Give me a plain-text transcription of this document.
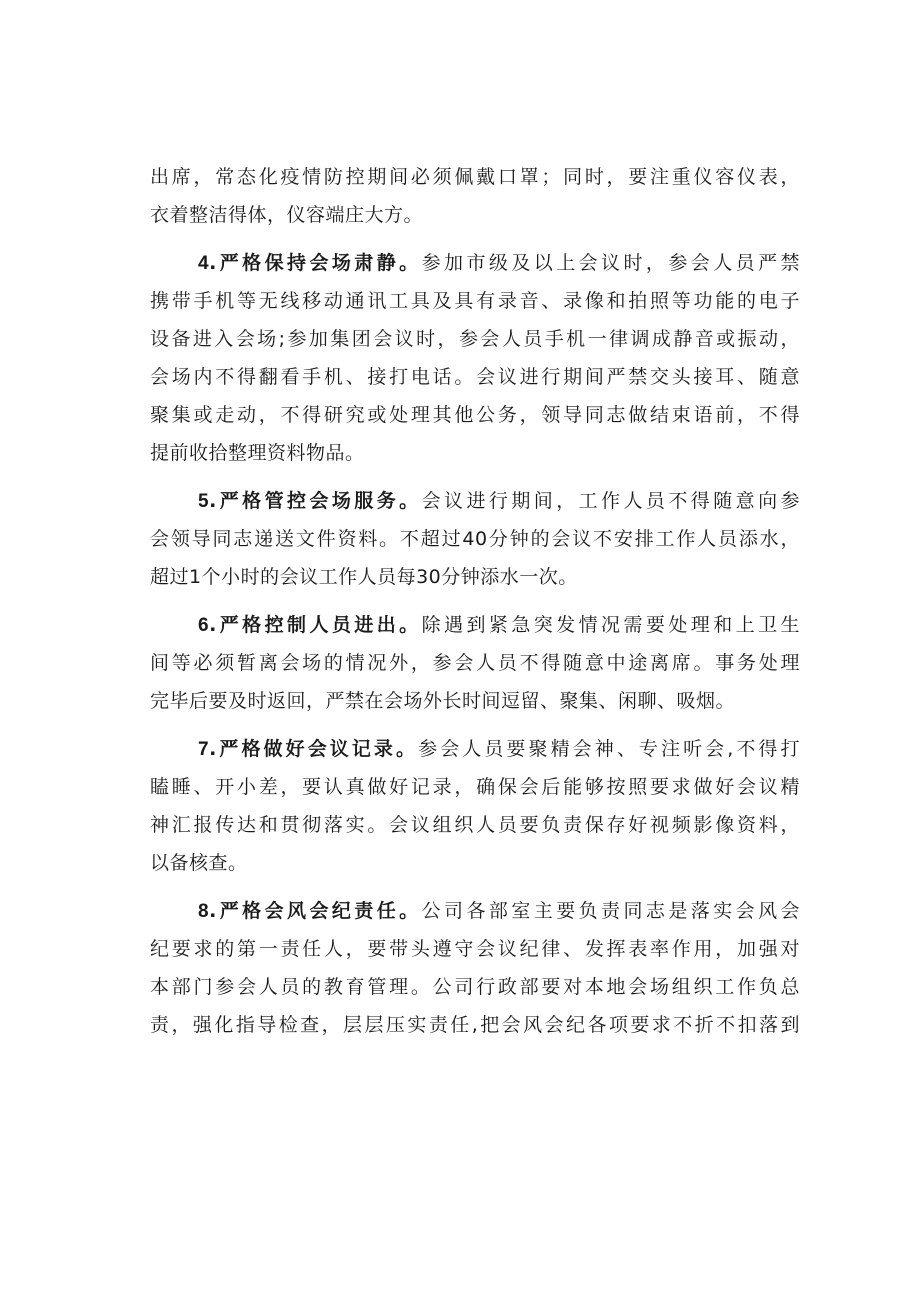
出席，常态化疫情防控期间必须佩戴口罩；同时，要注重仪容仪表，
衣着整洁得体，仪容端庄大方。
4.严格保持会场肃静。参加市级及以上会议时，参会人员严禁
携带手机等无线移动通讯工具及具有录音、录像和拍照等功能的电子
设备进入会场;参加集团会议时，参会人员手机一律调成静音或振动，
会场内不得翻看手机、接打电话。会议进行期间严禁交头接耳、随意
聚集或走动，不得研究或处理其他公务，领导同志做结束语前，不得
提前收拾整理资料物品。
5.严格管控会场服务。会议进行期间，工作人员不得随意向参
会领导同志递送文件资料。不超过40分钟的会议不安排工作人员添水，
超过1个小时的会议工作人员每30分钟添水一次。
6.严格控制人员进出。除遇到紧急突发情况需要处理和上卫生
间等必须暂离会场的情况外，参会人员不得随意中途离席。事务处理
完毕后要及时返回，严禁在会场外长时间逗留、聚集、闲聊、吸烟。
7.严格做好会议记录。参会人员要聚精会神、专注听会,不得打
瞌睡、开小差，要认真做好记录，确保会后能够按照要求做好会议精
神汇报传达和贯彻落实。会议组织人员要负责保存好视频影像资料，
以备核查。
8.严格会风会纪责任。公司各部室主要负责同志是落实会风会
纪要求的第一责任人，要带头遵守会议纪律、发挥表率作用，加强对
本部门参会人员的教育管理。公司行政部要对本地会场组织工作负总
责，强化指导检查，层层压实责任,把会风会纪各项要求不折不扣落到
